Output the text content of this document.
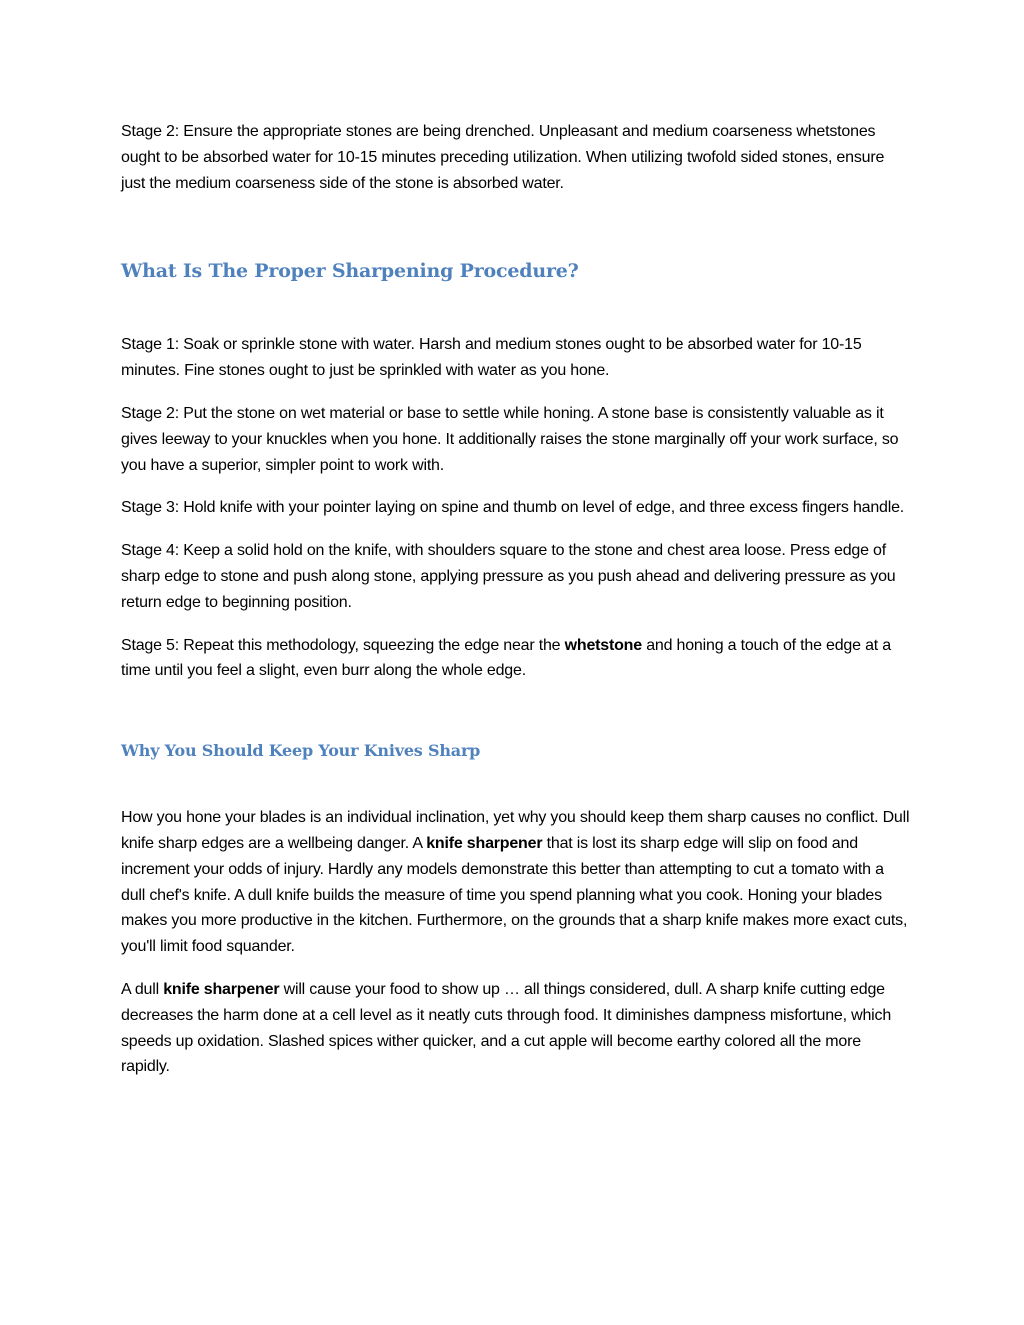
Stage 2: Ensure the appropriate stones are being drenched. Unpleasant and medium coarseness whetstones ought to be absorbed water for 10-15 minutes preceding utilization. When utilizing twofold sided stones, ensure just the medium coarseness side of the stone is absorbed water.

What Is The Proper Sharpening Procedure?

Stage 1: Soak or sprinkle stone with water. Harsh and medium stones ought to be absorbed water for 10-15 minutes. Fine stones ought to just be sprinkled with water as you hone.

Stage 2: Put the stone on wet material or base to settle while honing. A stone base is consistently valuable as it gives leeway to your knuckles when you hone. It additionally raises the stone marginally off your work surface, so you have a superior, simpler point to work with.

Stage 3: Hold knife with your pointer laying on spine and thumb on level of edge, and three excess fingers handle.

Stage 4: Keep a solid hold on the knife, with shoulders square to the stone and chest area loose. Press edge of sharp edge to stone and push along stone, applying pressure as you push ahead and delivering pressure as you return edge to beginning position.

Stage 5: Repeat this methodology, squeezing the edge near the whetstone and honing a touch of the edge at a time until you feel a slight, even burr along the whole edge.

Why You Should Keep Your Knives Sharp

How you hone your blades is an individual inclination, yet why you should keep them sharp causes no conflict. Dull knife sharp edges are a wellbeing danger. A knife sharpener that is lost its sharp edge will slip on food and increment your odds of injury. Hardly any models demonstrate this better than attempting to cut a tomato with a dull chef's knife. A dull knife builds the measure of time you spend planning what you cook. Honing your blades makes you more productive in the kitchen. Furthermore, on the grounds that a sharp knife makes more exact cuts, you'll limit food squander.

A dull knife sharpener will cause your food to show up … all things considered, dull. A sharp knife cutting edge decreases the harm done at a cell level as it neatly cuts through food. It diminishes dampness misfortune, which speeds up oxidation. Slashed spices wither quicker, and a cut apple will become earthy colored all the more rapidly.
